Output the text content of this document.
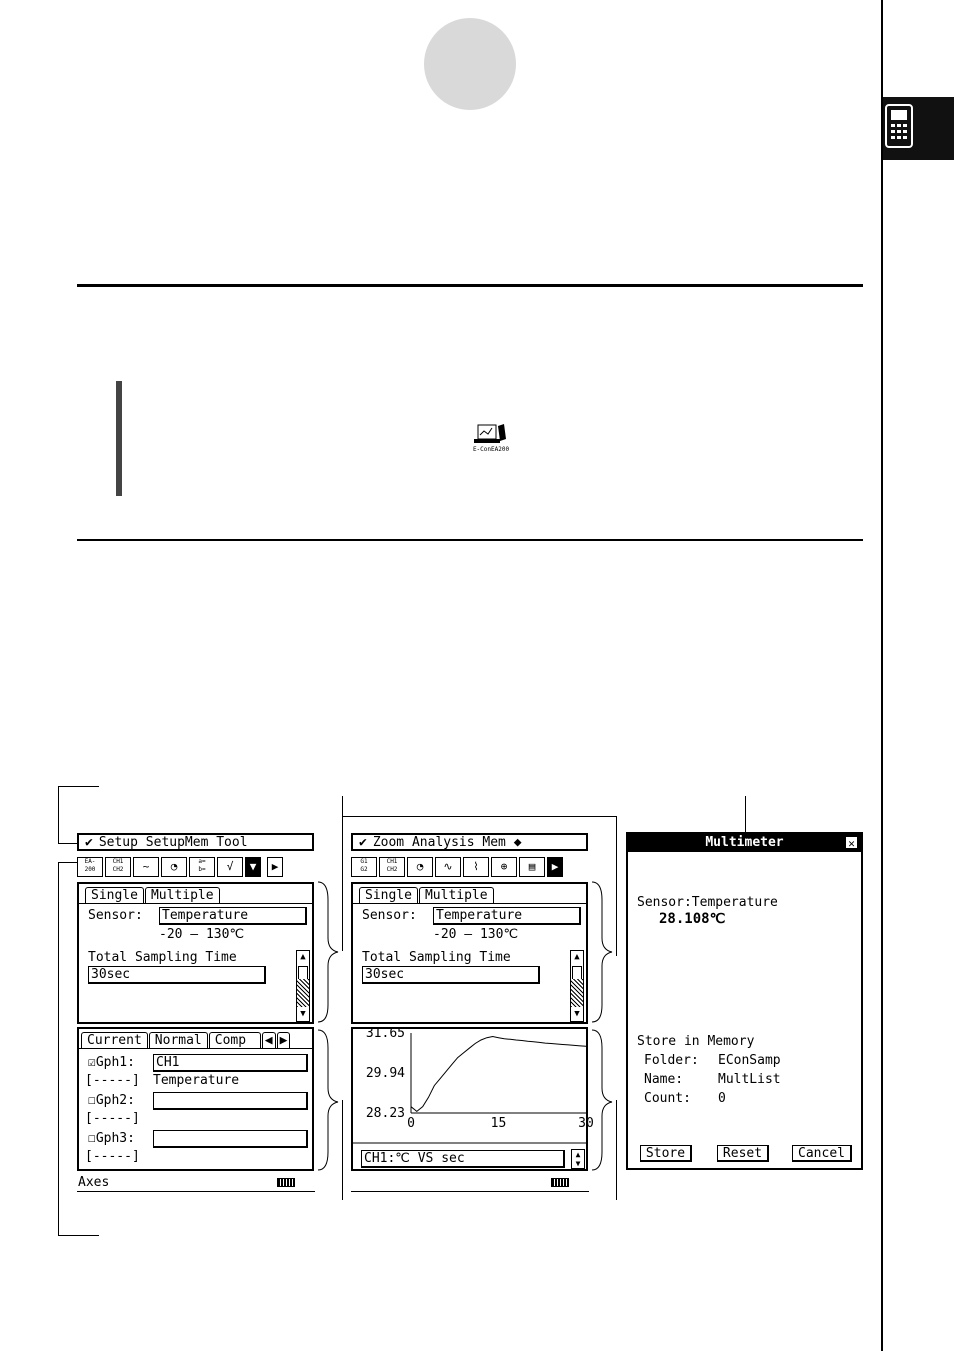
E-ConEA200
✔ Setup SetupMem Tool
EA-
200
CH1
CH2	~	◔	a=
b=	√	▼	▶
Single	Multiple
Sensor: Temperature
-20 – 130℃
Total Sampling Time
30sec
▲
▼
Current	Normal	Comp	◀ ▶
☑Gph1: CH1
[-----] Temperature
☐Gph2:
[-----]
☐Gph3:
[-----]
Axes
✔ Zoom Analysis Mem ◆
G1
G2
CH1
CH2	◔	∿	⌇	⊕	▤	▶
Single	Multiple
Sensor: Temperature
-20 – 130℃
Total Sampling Time
30sec
▲
▼
28.23
29.94
31.65
0	15	30
CH1:℃ VS sec	▲
▼
Multimeter	✕
Sensor:Temperature
28.108℃
Store in Memory
Folder: EConSamp
Name:	MultList
Count: 0
Store	Reset	Cancel
